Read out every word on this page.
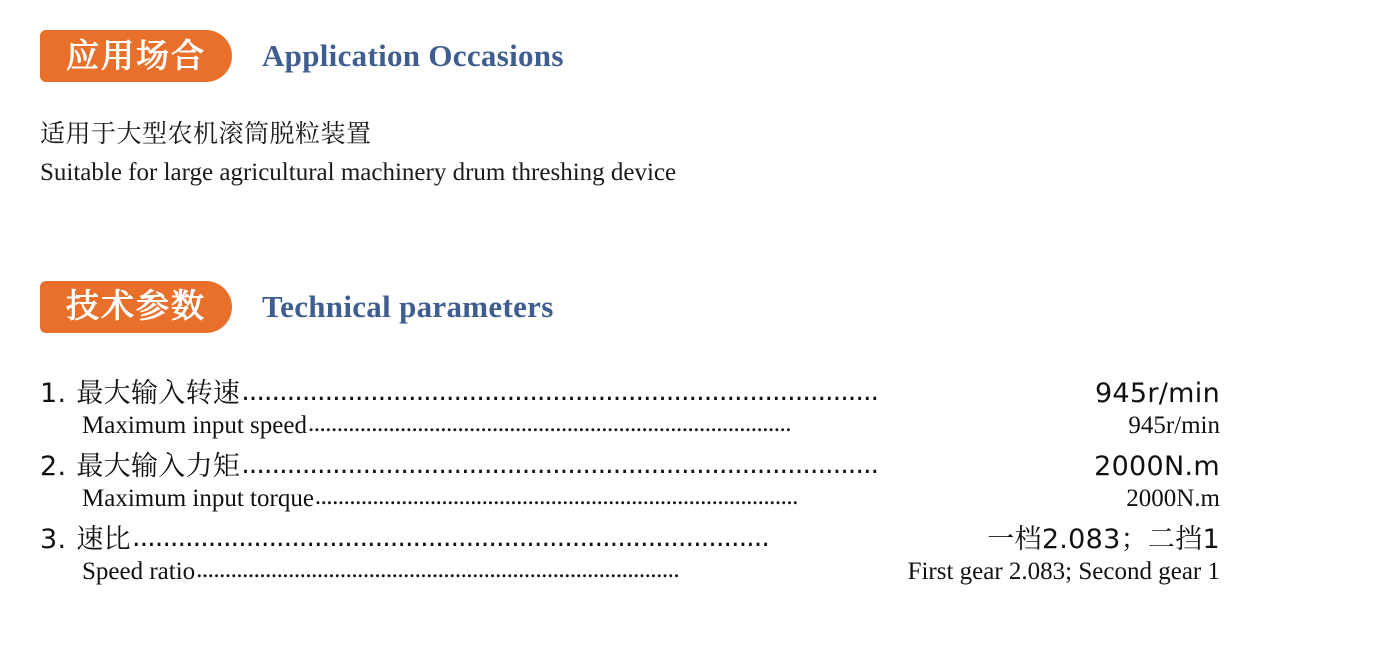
应用场合 Application Occasions
适用于大型农机滚筒脱粒装置
Suitable for large agricultural machinery drum threshing device
技术参数 Technical parameters
1. 最大输入转速 ....................................................................................	945r/min
Maximum input speed ....................................................................................	945r/min
2. 最大输入力矩 ....................................................................................	2000N.m
Maximum input torque ....................................................................................	2000N.m
3. 速比 ....................................................................................	一档2.083；二挡1
Speed ratio ....................................................................................	First gear 2.083; Second gear 1
